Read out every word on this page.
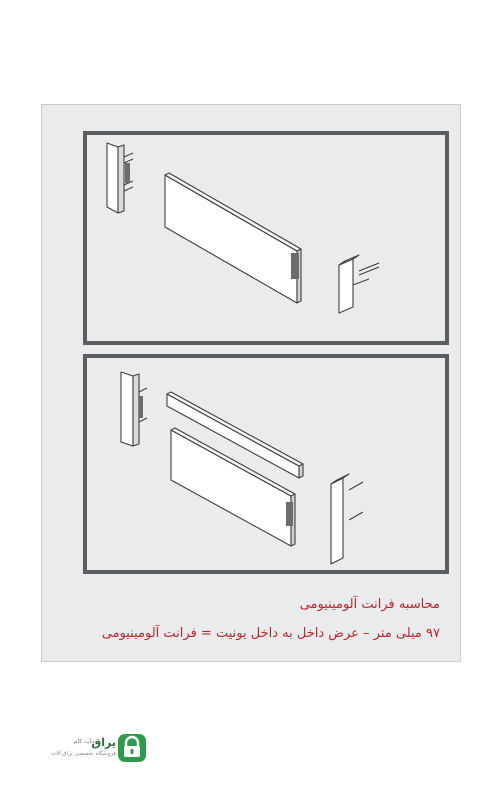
محاسبه فرانت آلومینیومی
۹۷ میلی متر – عرض داخل به داخل یونیت = فرانت آلومینیومی
یراق
دات کام
فروشگاه تخصصی یراق آلات
